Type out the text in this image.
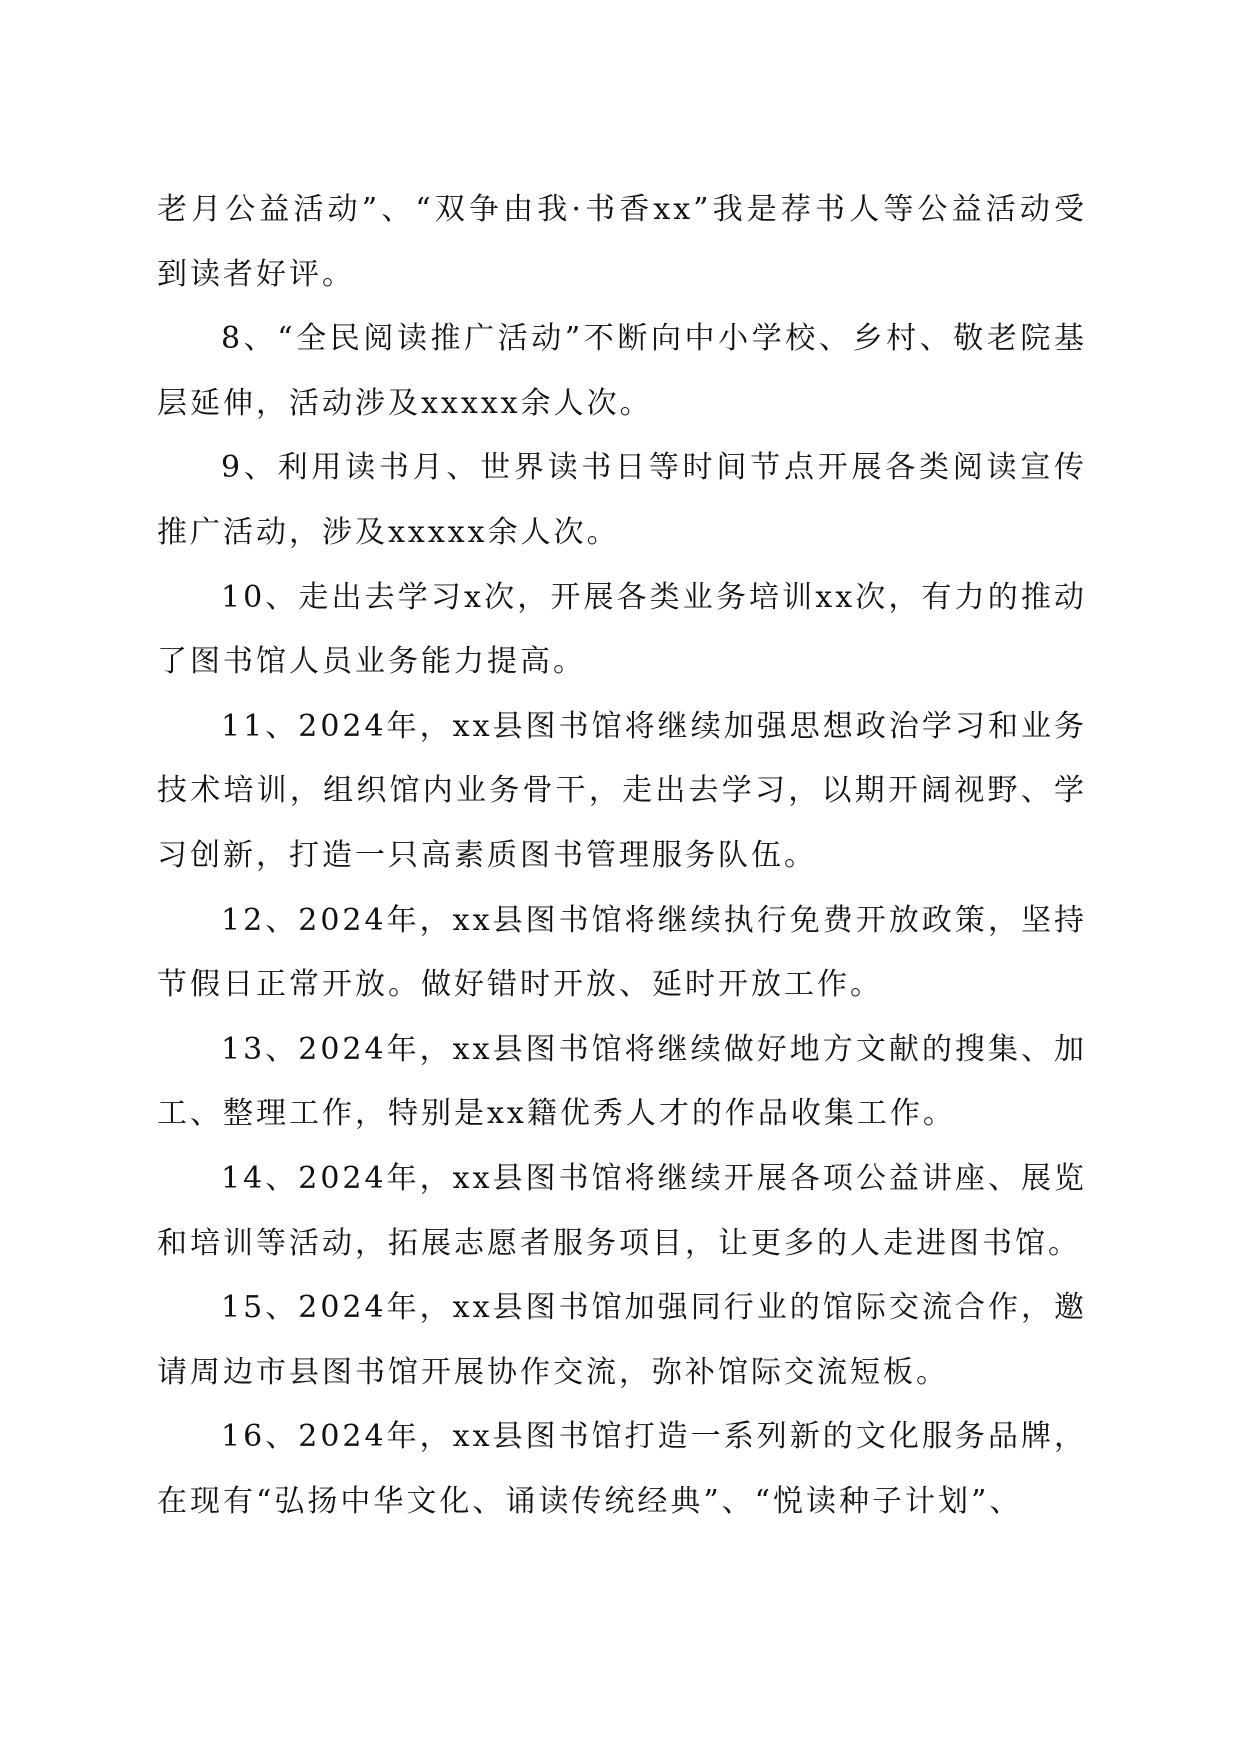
老月公益活动”、“双争由我·书香xx”我是荐书人等公益活动受到读者好评。

8、“全民阅读推广活动”不断向中小学校、乡村、敬老院基层延伸，活动涉及xxxxx余人次。

9、利用读书月、世界读书日等时间节点开展各类阅读宣传推广活动，涉及xxxxx余人次。

10、走出去学习x次，开展各类业务培训xx次，有力的推动了图书馆人员业务能力提高。

11、2024年，xx县图书馆将继续加强思想政治学习和业务技术培训，组织馆内业务骨干，走出去学习，以期开阔视野、学习创新，打造一只高素质图书管理服务队伍。

12、2024年，xx县图书馆将继续执行免费开放政策，坚持节假日正常开放。做好错时开放、延时开放工作。

13、2024年，xx县图书馆将继续做好地方文献的搜集、加工、整理工作，特别是xx籍优秀人才的作品收集工作。

14、2024年，xx县图书馆将继续开展各项公益讲座、展览和培训等活动，拓展志愿者服务项目，让更多的人走进图书馆。

15、2024年，xx县图书馆加强同行业的馆际交流合作，邀请周边市县图书馆开展协作交流，弥补馆际交流短板。

16、2024年，xx县图书馆打造一系列新的文化服务品牌，在现有“弘扬中华文化、诵读传统经典”、“悦读种子计划”、
